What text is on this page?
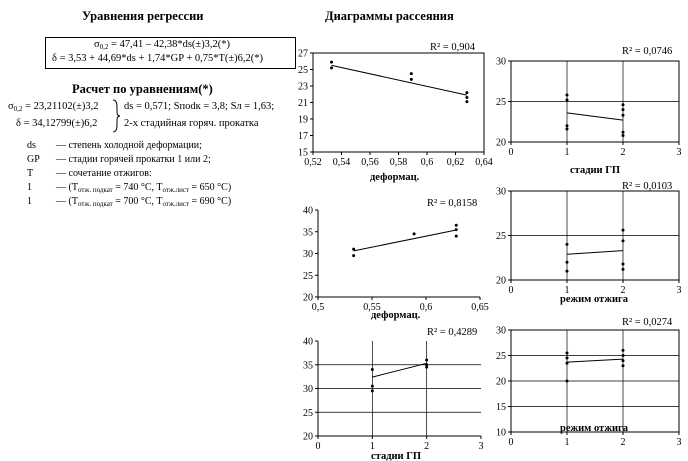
Уравнения регрессии	Диаграммы рассеяния
$\sigma_{0,2} = 47,41 - 42,38*ds(\pm)3,2(*)$
δ = 3,53 + 44,69*ds + 1,74*GP + 0,75*T(±)6,2(*)
Расчет по уравнениям(*)
$\sigma_{0,2} = 23,21102(\pm)3,2$
δ = 34,12799(±)6,2
ds = 0,571; Sпodк = 3,8; Sл = 1,63;
2-х стадийная горяч. прокатка
ds — степень холодной деформации;
GP — стадии горячей прокатки 1 или 2;
T — сочетание отжигов:
1 — ($T_{отж. подкат} = 740$ °C, $T_{отж.лист} = 650$ °C)
1 — ($T_{отж. подкат} = 700$ °C, $T_{отж.лист} = 690$ °C)
15
17
19
21
23
25
27
0,52 0,54 0,56 0,58 0,6 0,62 0,64
R² = 0,904
деформац.
20
25
30
0	1	2	3
R² = 0,0746
стадии ГП
20
25
30
35
40
0,5	0,55	0,6	0,65
R² = 0,8158
деформац.
20
25
30
0	1	2	3
R² = 0,0103
режим отжига
20
25
30
35
40
0	1	2	3
R² = 0,4289
стадии ГП
10
15
20
25
30
0	1	2	3
R² = 0,0274
режим отжига
